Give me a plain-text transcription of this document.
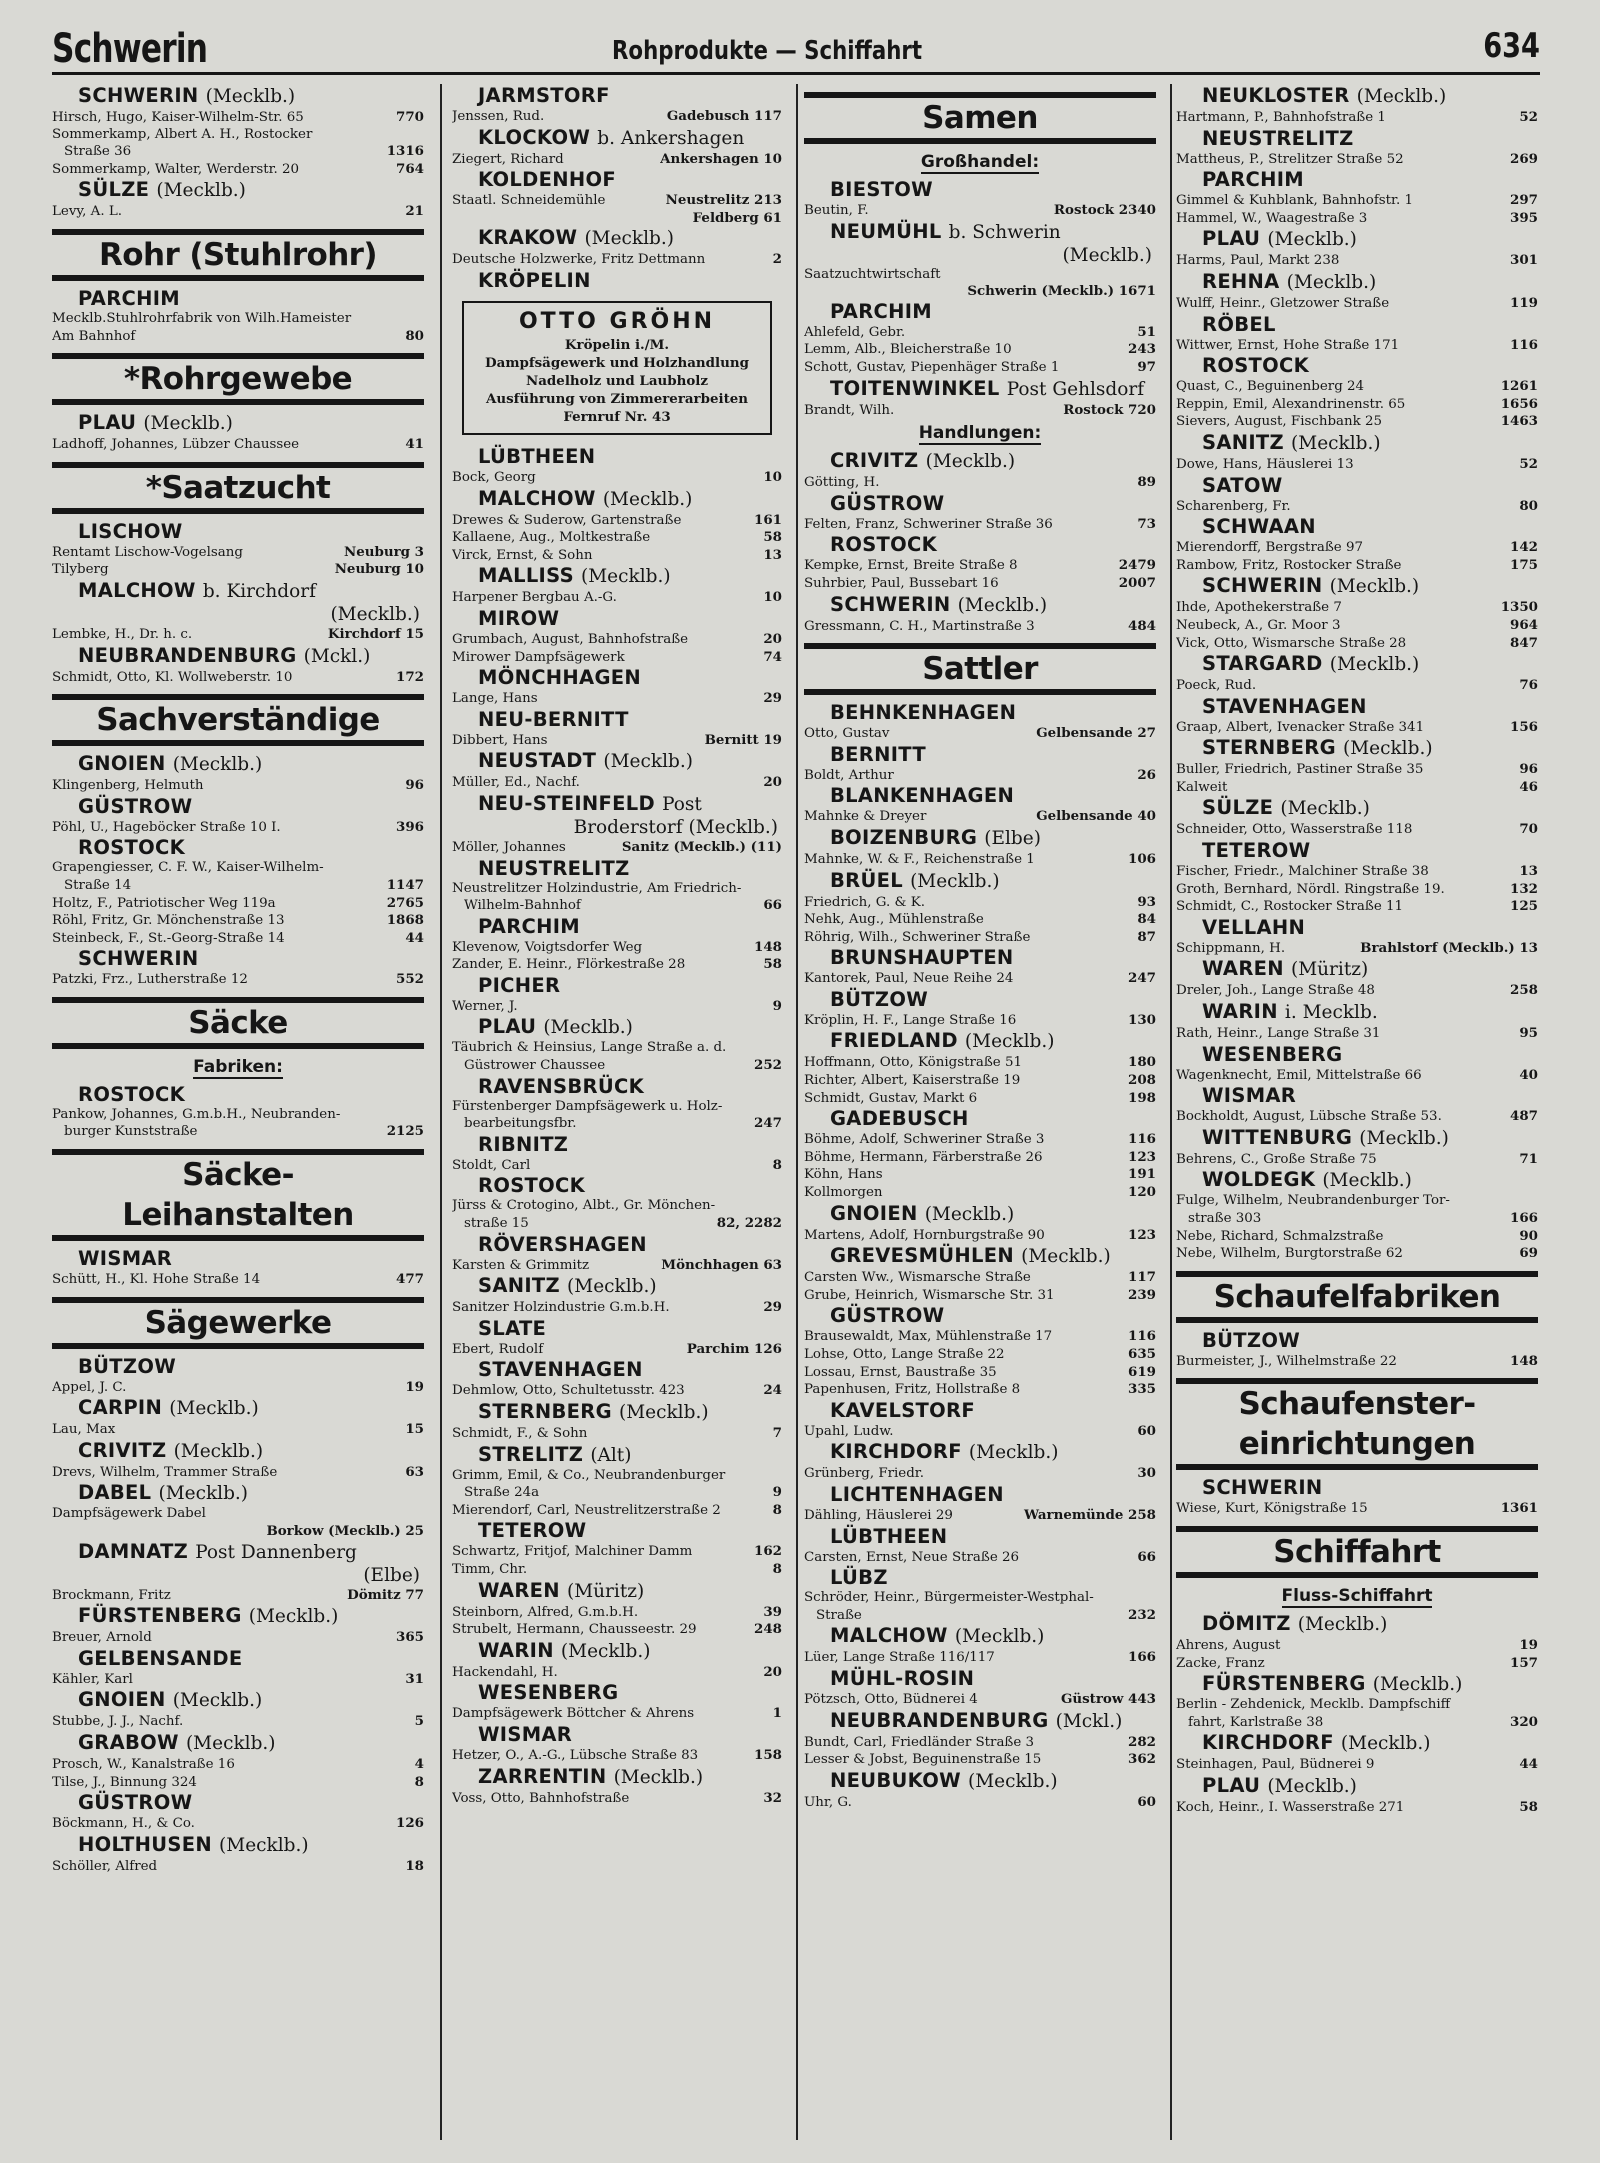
Schwerin	Rohprodukte — Schiffahrt	634
SCHWERIN (Mecklb.)
Hirsch, Hugo, Kaiser-Wilhelm-Str. 65	770
Sommerkamp, Albert A. H., Rostocker
Straße 36	1316
Sommerkamp, Walter, Werderstr. 20	764
SÜLZE (Mecklb.)
Levy, A. L.	21
Rohr (Stuhlrohr)
PARCHIM
Mecklb.Stuhlrohrfabrik von Wilh.Hameister
Am Bahnhof	80
*Rohrgewebe
PLAU (Mecklb.)
Ladhoff, Johannes, Lübzer Chaussee	41
*Saatzucht
LISCHOW
Rentamt Lischow-Vogelsang	Neuburg 3
Tilyberg	Neuburg 10
MALCHOW b. Kirchdorf
(Mecklb.)
Lembke, H., Dr. h. c.	Kirchdorf 15
NEUBRANDENBURG (Mckl.)
Schmidt, Otto, Kl. Wollweberstr. 10	172
Sachverständige
GNOIEN (Mecklb.)
Klingenberg, Helmuth	96
GÜSTROW
Pöhl, U., Hageböcker Straße 10 I.	396
ROSTOCK
Grapengiesser, C. F. W., Kaiser-Wilhelm-
Straße 14	1147
Holtz, F., Patriotischer Weg 119a	2765
Röhl, Fritz, Gr. Mönchenstraße 13	1868
Steinbeck, F., St.-Georg-Straße 14	44
SCHWERIN
Patzki, Frz., Lutherstraße 12	552
Säcke
Fabriken:
ROSTOCK
Pankow, Johannes, G.m.b.H., Neubranden-
burger Kunststraße	2125
Säcke-
Leihanstalten
WISMAR
Schütt, H., Kl. Hohe Straße 14	477
Sägewerke
BÜTZOW
Appel, J. C.	19
CARPIN (Mecklb.)
Lau, Max	15
CRIVITZ (Mecklb.)
Drevs, Wilhelm, Trammer Straße	63
DABEL (Mecklb.)
Dampfsägewerk Dabel
Borkow (Mecklb.) 25
DAMNATZ Post Dannenberg
(Elbe)
Brockmann, Fritz	Dömitz 77
FÜRSTENBERG (Mecklb.)
Breuer, Arnold	365
GELBENSANDE
Kähler, Karl	31
GNOIEN (Mecklb.)
Stubbe, J. J., Nachf.	5
GRABOW (Mecklb.)
Prosch, W., Kanalstraße 16	4
Tilse, J., Binnung 324	8
GÜSTROW
Böckmann, H., & Co.	126
HOLTHUSEN (Mecklb.)
Schöller, Alfred	18
JARMSTORF
Jenssen, Rud.	Gadebusch 117
KLOCKOW b. Ankershagen
Ziegert, Richard	Ankershagen 10
KOLDENHOF
Staatl. Schneidemühle	Neustrelitz 213
Feldberg 61
KRAKOW (Mecklb.)
Deutsche Holzwerke, Fritz Dettmann	2
KRÖPELIN
OTTO GRÖHN
Kröpelin i./M.
Dampfsägewerk und Holzhandlung
Nadelholz und Laubholz
Ausführung von Zimmererarbeiten
Fernruf Nr. 43
LÜBTHEEN
Bock, Georg	10
MALCHOW (Mecklb.)
Drewes & Suderow, Gartenstraße	161
Kallaene, Aug., Moltkestraße	58
Virck, Ernst, & Sohn	13
MALLISS (Mecklb.)
Harpener Bergbau A.-G.	10
MIROW
Grumbach, August, Bahnhofstraße	20
Mirower Dampfsägewerk	74
MÖNCHHAGEN
Lange, Hans	29
NEU-BERNITT
Dibbert, Hans	Bernitt 19
NEUSTADT (Mecklb.)
Müller, Ed., Nachf.	20
NEU-STEINFELD Post
Broderstorf (Mecklb.)
Möller, Johannes	Sanitz (Mecklb.) (11)
NEUSTRELITZ
Neustrelitzer Holzindustrie, Am Friedrich-
Wilhelm-Bahnhof	66
PARCHIM
Klevenow, Voigtsdorfer Weg	148
Zander, E. Heinr., Flörkestraße 28	58
PICHER
Werner, J.	9
PLAU (Mecklb.)
Täubrich & Heinsius, Lange Straße a. d.
Güstrower Chaussee	252
RAVENSBRÜCK
Fürstenberger Dampfsägewerk u. Holz-
bearbeitungsfbr.	247
RIBNITZ
Stoldt, Carl	8
ROSTOCK
Jürss & Crotogino, Albt., Gr. Mönchen-
straße 15	82, 2282
RÖVERSHAGEN
Karsten & Grimmitz	Mönchhagen 63
SANITZ (Mecklb.)
Sanitzer Holzindustrie G.m.b.H.	29
SLATE
Ebert, Rudolf	Parchim 126
STAVENHAGEN
Dehmlow, Otto, Schultetusstr. 423	24
STERNBERG (Mecklb.)
Schmidt, F., & Sohn	7
STRELITZ (Alt)
Grimm, Emil, & Co., Neubrandenburger
Straße 24a	9
Mierendorf, Carl, Neustrelitzerstraße 2	8
TETEROW
Schwartz, Fritjof, Malchiner Damm	162
Timm, Chr.	8
WAREN (Müritz)
Steinborn, Alfred, G.m.b.H.	39
Strubelt, Hermann, Chausseestr. 29	248
WARIN (Mecklb.)
Hackendahl, H.	20
WESENBERG
Dampfsägewerk Böttcher & Ahrens	1
WISMAR
Hetzer, O., A.-G., Lübsche Straße 83	158
ZARRENTIN (Mecklb.)
Voss, Otto, Bahnhofstraße	32
Samen
Großhandel:
BIESTOW
Beutin, F.	Rostock 2340
NEUMÜHL b. Schwerin
(Mecklb.)
Saatzuchtwirtschaft
Schwerin (Mecklb.) 1671
PARCHIM
Ahlefeld, Gebr.	51
Lemm, Alb., Bleicherstraße 10	243
Schott, Gustav, Piepenhäger Straße 1	97
TOITENWINKEL Post Gehlsdorf
Brandt, Wilh.	Rostock 720
Handlungen:
CRIVITZ (Mecklb.)
Götting, H.	89
GÜSTROW
Felten, Franz, Schweriner Straße 36	73
ROSTOCK
Kempke, Ernst, Breite Straße 8	2479
Suhrbier, Paul, Bussebart 16	2007
SCHWERIN (Mecklb.)
Gressmann, C. H., Martinstraße 3	484
Sattler
BEHNKENHAGEN
Otto, Gustav	Gelbensande 27
BERNITT
Boldt, Arthur	26
BLANKENHAGEN
Mahnke & Dreyer	Gelbensande 40
BOIZENBURG (Elbe)
Mahnke, W. & F., Reichenstraße 1	106
BRÜEL (Mecklb.)
Friedrich, G. & K.	93
Nehk, Aug., Mühlenstraße	84
Röhrig, Wilh., Schweriner Straße	87
BRUNSHAUPTEN
Kantorek, Paul, Neue Reihe 24	247
BÜTZOW
Kröplin, H. F., Lange Straße 16	130
FRIEDLAND (Mecklb.)
Hoffmann, Otto, Königstraße 51	180
Richter, Albert, Kaiserstraße 19	208
Schmidt, Gustav, Markt 6	198
GADEBUSCH
Böhme, Adolf, Schweriner Straße 3	116
Böhme, Hermann, Färberstraße 26	123
Köhn, Hans	191
Kollmorgen	120
GNOIEN (Mecklb.)
Martens, Adolf, Hornburgstraße 90	123
GREVESMÜHLEN (Mecklb.)
Carsten Ww., Wismarsche Straße	117
Grube, Heinrich, Wismarsche Str. 31	239
GÜSTROW
Brausewaldt, Max, Mühlenstraße 17	116
Lohse, Otto, Lange Straße 22	635
Lossau, Ernst, Baustraße 35	619
Papenhusen, Fritz, Hollstraße 8	335
KAVELSTORF
Upahl, Ludw.	60
KIRCHDORF (Mecklb.)
Grünberg, Friedr.	30
LICHTENHAGEN
Dähling, Häuslerei 29	Warnemünde 258
LÜBTHEEN
Carsten, Ernst, Neue Straße 26	66
LÜBZ
Schröder, Heinr., Bürgermeister-Westphal-
Straße	232
MALCHOW (Mecklb.)
Lüer, Lange Straße 116/117	166
MÜHL-ROSIN
Pötzsch, Otto, Büdnerei 4	Güstrow 443
NEUBRANDENBURG (Mckl.)
Bundt, Carl, Friedländer Straße 3	282
Lesser & Jobst, Beguinenstraße 15	362
NEUBUKOW (Mecklb.)
Uhr, G.	60
NEUKLOSTER (Mecklb.)
Hartmann, P., Bahnhofstraße 1	52
NEUSTRELITZ
Mattheus, P., Strelitzer Straße 52	269
PARCHIM
Gimmel & Kuhblank, Bahnhofstr. 1	297
Hammel, W., Waagestraße 3	395
PLAU (Mecklb.)
Harms, Paul, Markt 238	301
REHNA (Mecklb.)
Wulff, Heinr., Gletzower Straße	119
RÖBEL
Wittwer, Ernst, Hohe Straße 171	116
ROSTOCK
Quast, C., Beguinenberg 24	1261
Reppin, Emil, Alexandrinenstr. 65	1656
Sievers, August, Fischbank 25	1463
SANITZ (Mecklb.)
Dowe, Hans, Häuslerei 13	52
SATOW
Scharenberg, Fr.	80
SCHWAAN
Mierendorff, Bergstraße 97	142
Rambow, Fritz, Rostocker Straße	175
SCHWERIN (Mecklb.)
Ihde, Apothekerstraße 7	1350
Neubeck, A., Gr. Moor 3	964
Vick, Otto, Wismarsche Straße 28	847
STARGARD (Mecklb.)
Poeck, Rud.	76
STAVENHAGEN
Graap, Albert, Ivenacker Straße 341	156
STERNBERG (Mecklb.)
Buller, Friedrich, Pastiner Straße 35	96
Kalweit	46
SÜLZE (Mecklb.)
Schneider, Otto, Wasserstraße 118	70
TETEROW
Fischer, Friedr., Malchiner Straße 38	13
Groth, Bernhard, Nördl. Ringstraße 19.	132
Schmidt, C., Rostocker Straße 11	125
VELLAHN
Schippmann, H.	Brahlstorf (Mecklb.) 13
WAREN (Müritz)
Dreler, Joh., Lange Straße 48	258
WARIN i. Mecklb.
Rath, Heinr., Lange Straße 31	95
WESENBERG
Wagenknecht, Emil, Mittelstraße 66	40
WISMAR
Bockholdt, August, Lübsche Straße 53.	487
WITTENBURG (Mecklb.)
Behrens, C., Große Straße 75	71
WOLDEGK (Mecklb.)
Fulge, Wilhelm, Neubrandenburger Tor-
straße 303	166
Nebe, Richard, Schmalzstraße	90
Nebe, Wilhelm, Burgtorstraße 62	69
Schaufelfabriken
BÜTZOW
Burmeister, J., Wilhelmstraße 22	148
Schaufenster-
einrichtungen
SCHWERIN
Wiese, Kurt, Königstraße 15	1361
Schiffahrt
Fluss-Schiffahrt
DÖMITZ (Mecklb.)
Ahrens, August	19
Zacke, Franz	157
FÜRSTENBERG (Mecklb.)
Berlin - Zehdenick, Mecklb. Dampfschiff
fahrt, Karlstraße 38	320
KIRCHDORF (Mecklb.)
Steinhagen, Paul, Büdnerei 9	44
PLAU (Mecklb.)
Koch, Heinr., I. Wasserstraße 271	58
